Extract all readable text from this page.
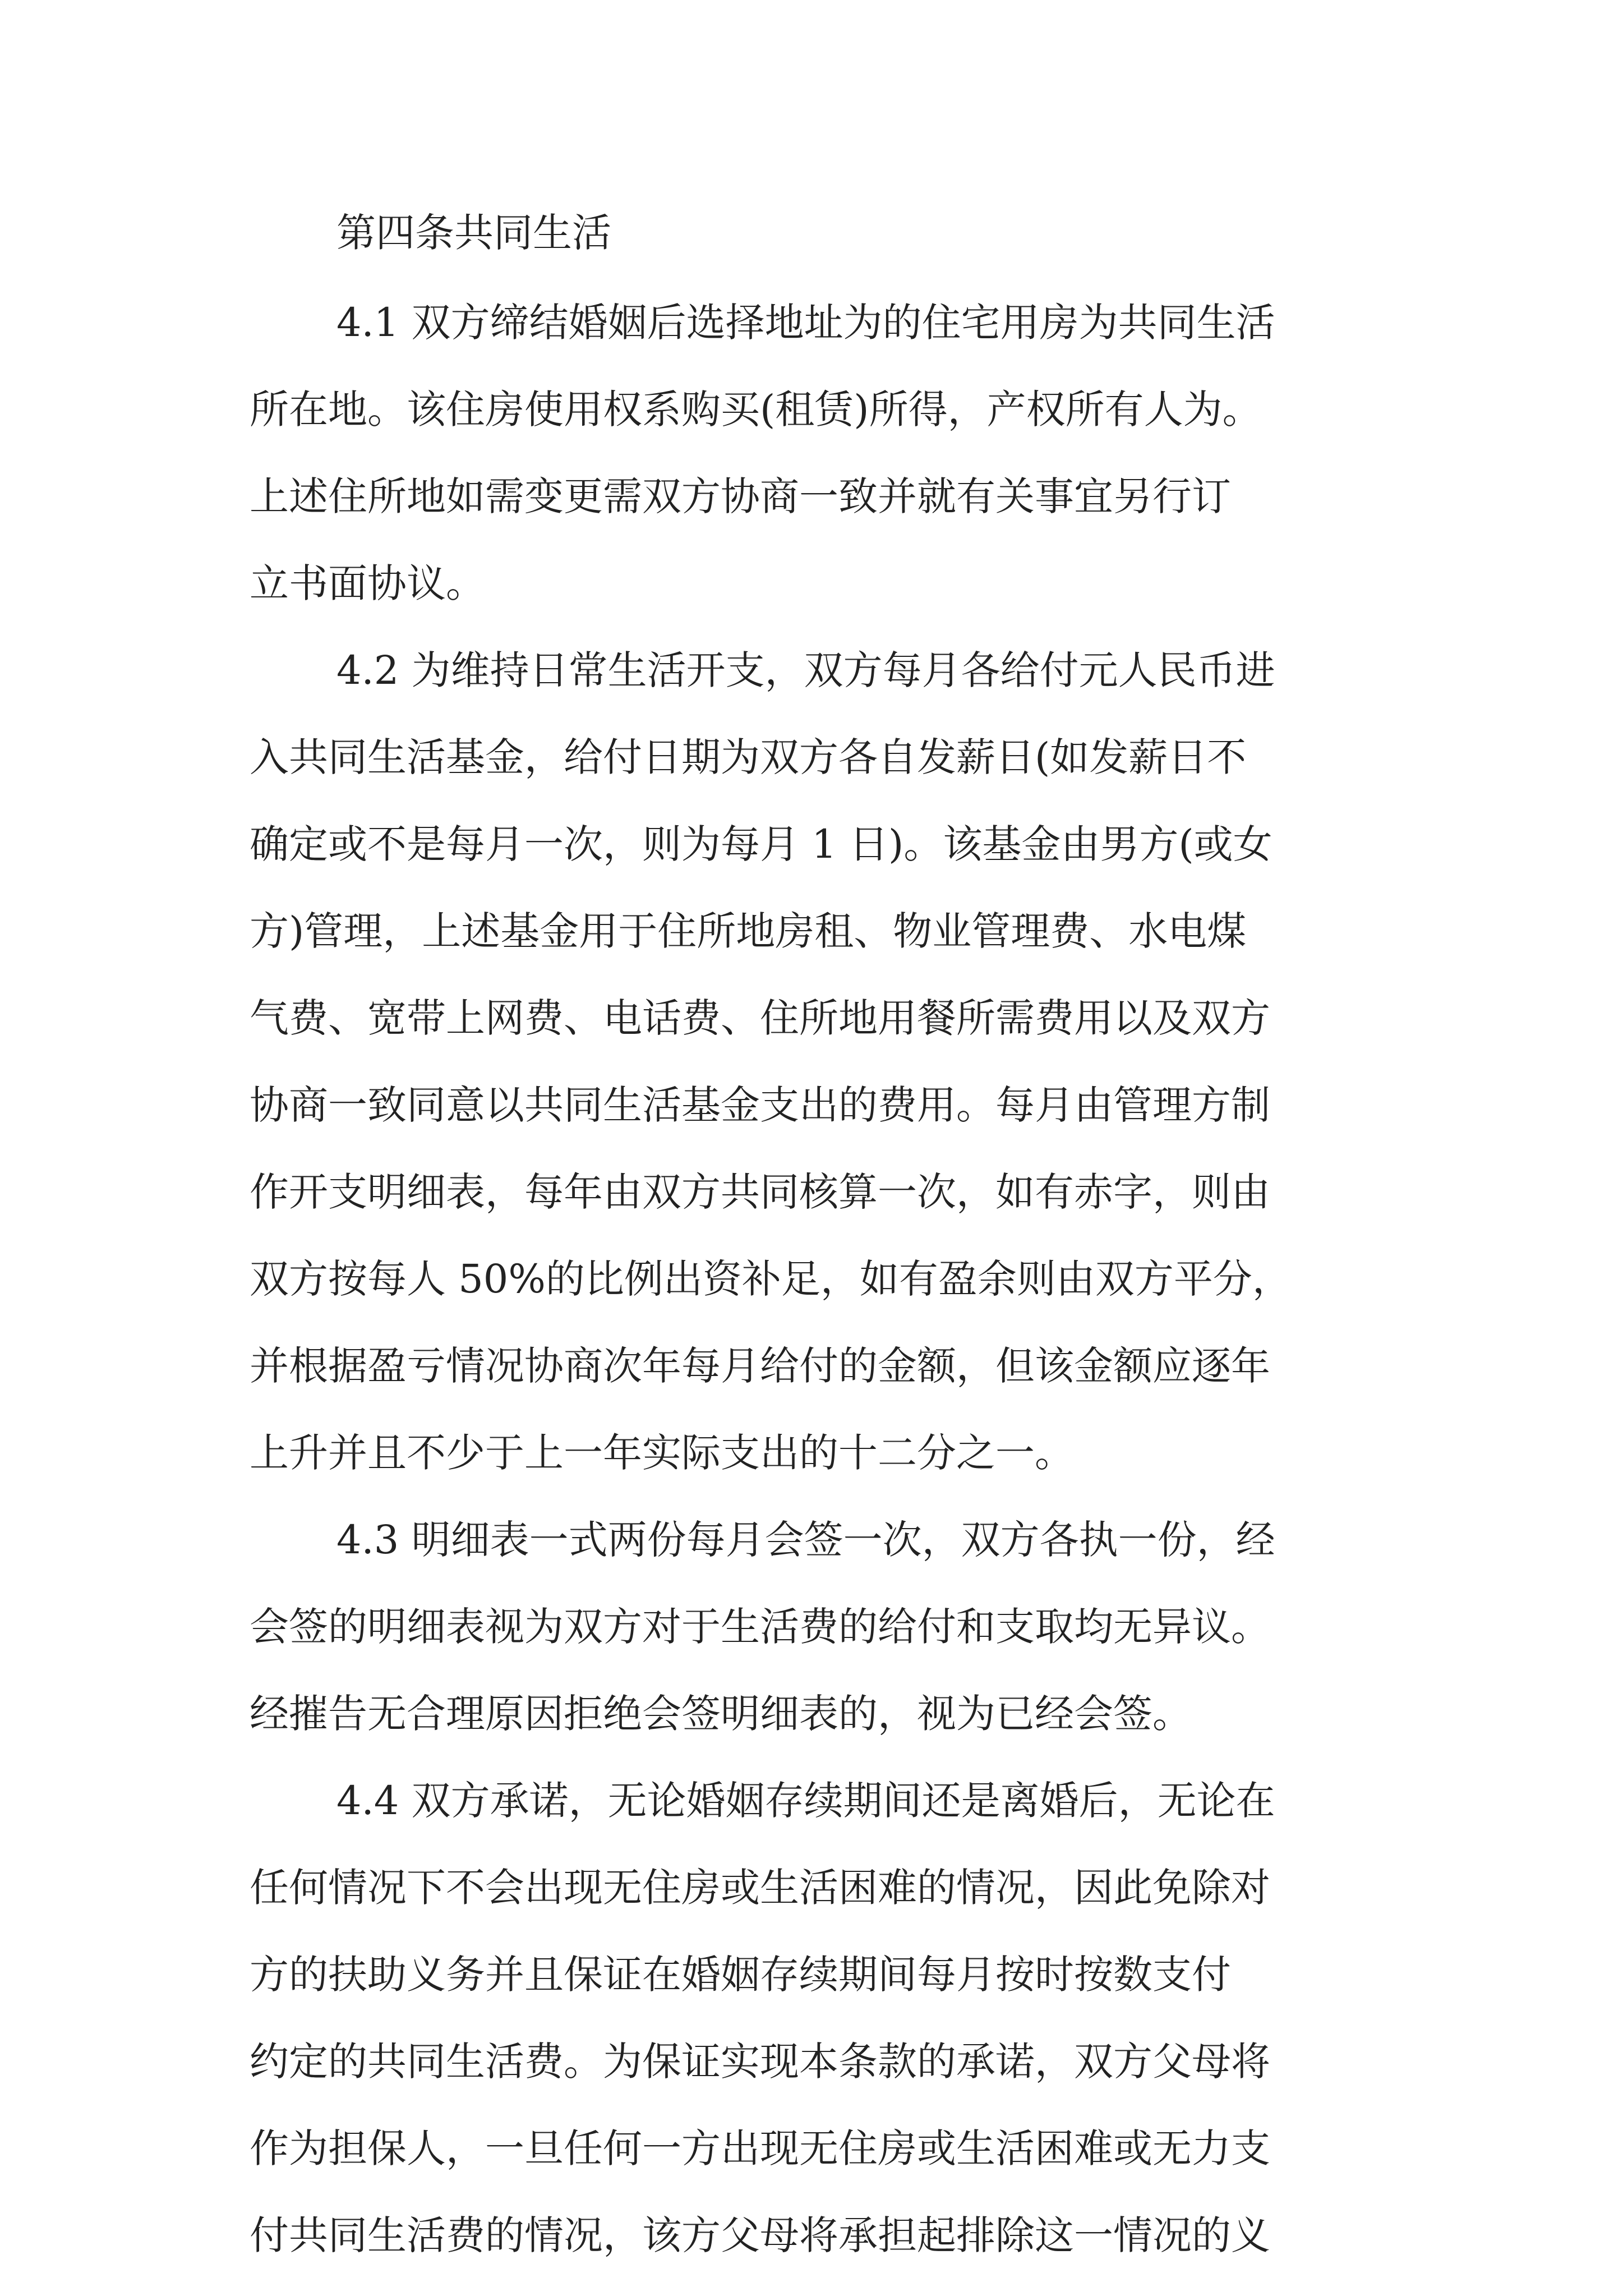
第四条共同生活
4.1 双方缔结婚姻后选择地址为的住宅用房为共同生活
所在地。该住房使用权系购买(租赁)所得，产权所有人为。
上述住所地如需变更需双方协商一致并就有关事宜另行订
立书面协议。
4.2 为维持日常生活开支，双方每月各给付元人民币进
入共同生活基金，给付日期为双方各自发薪日(如发薪日不
确定或不是每月一次，则为每月 1 日)。该基金由男方(或女
方)管理，上述基金用于住所地房租、物业管理费、水电煤
气费、宽带上网费、电话费、住所地用餐所需费用以及双方
协商一致同意以共同生活基金支出的费用。每月由管理方制
作开支明细表，每年由双方共同核算一次，如有赤字，则由
双方按每人 50%的比例出资补足，如有盈余则由双方平分，
并根据盈亏情况协商次年每月给付的金额，但该金额应逐年
上升并且不少于上一年实际支出的十二分之一。
4.3 明细表一式两份每月会签一次，双方各执一份，经
会签的明细表视为双方对于生活费的给付和支取均无异议。
经摧告无合理原因拒绝会签明细表的，视为已经会签。
4.4 双方承诺，无论婚姻存续期间还是离婚后，无论在
任何情况下不会出现无住房或生活困难的情况，因此免除对
方的扶助义务并且保证在婚姻存续期间每月按时按数支付
约定的共同生活费。为保证实现本条款的承诺，双方父母将
作为担保人，一旦任何一方出现无住房或生活困难或无力支
付共同生活费的情况，该方父母将承担起排除这一情况的义
